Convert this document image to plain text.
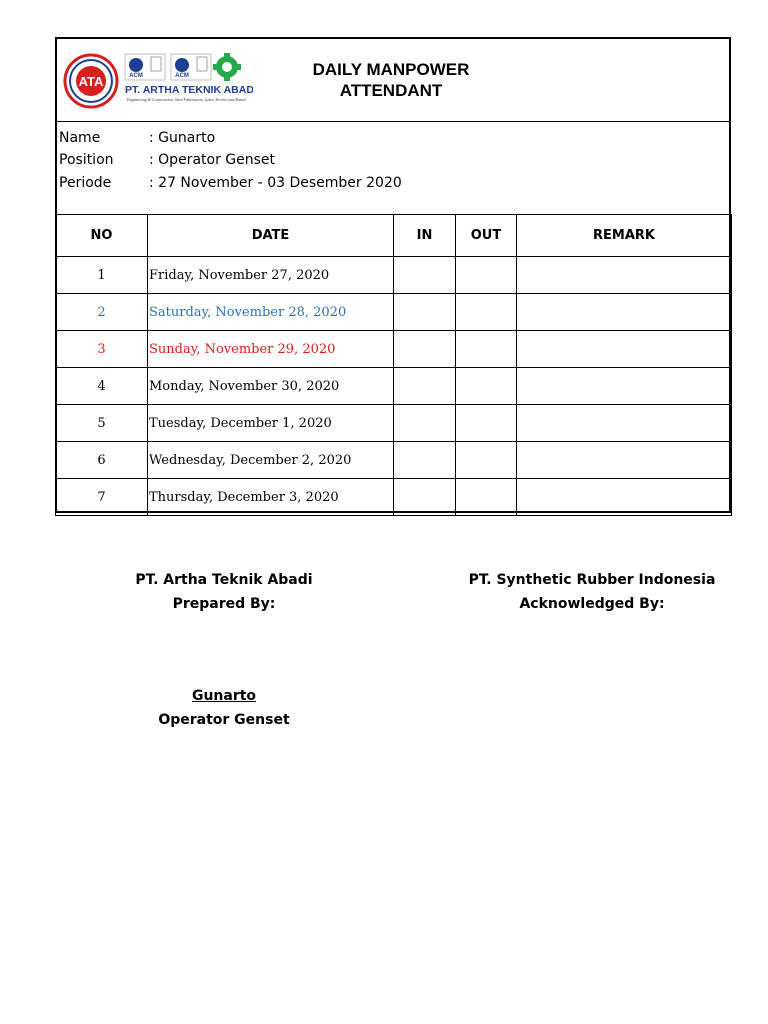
ATA	ACM	ACM
PT. ARTHA TEKNIK ABADI
Engineering & Construction, Steel Fabrication, Labor Service and Rental
DAILY MANPOWER
ATTENDANT
Name	: Gunarto
Position	: Operator Genset
Periode	: 27 November - 03 Desember 2020
NO	DATE	IN	OUT	REMARK
1	Friday, November 27, 2020			
2	Saturday, November 28, 2020			
3	Sunday, November 29, 2020			
4	Monday, November 30, 2020			
5	Tuesday, December 1, 2020			
6	Wednesday, December 2, 2020			
7	Thursday, December 3, 2020			
PT. Artha Teknik Abadi
Prepared By:
PT. Synthetic Rubber Indonesia
Acknowledged By:
Gunarto
Operator Genset
